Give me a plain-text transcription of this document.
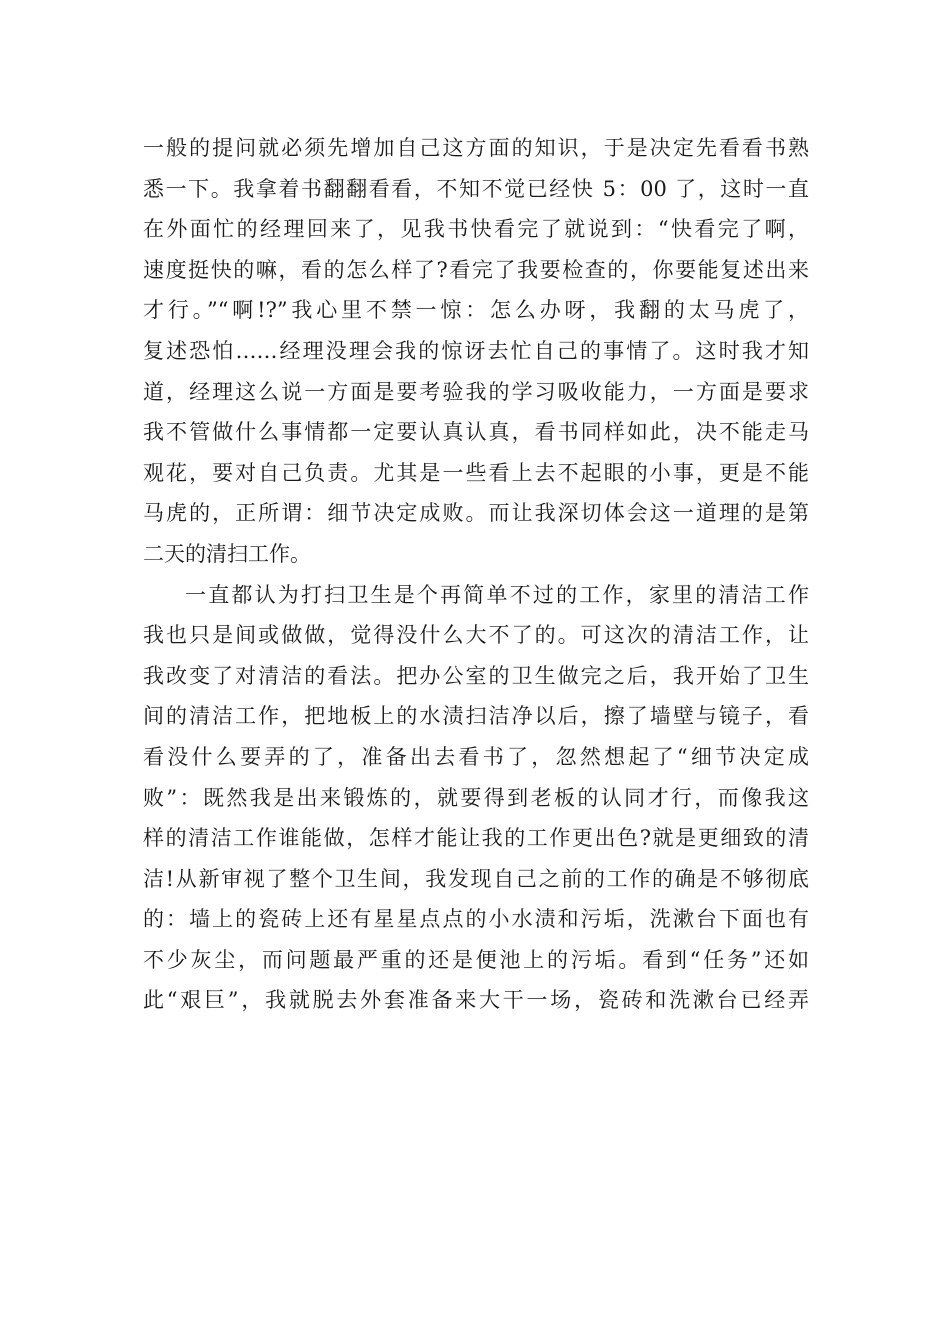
一般的提问就必须先增加自己这方面的知识，于是决定先看看书熟
悉一下。我拿着书翻翻看看，不知不觉已经快 5：00 了，这时一直
在外面忙的经理回来了，见我书快看完了就说到：“快看完了啊，
速度挺快的嘛，看的怎么样了?看完了我要检查的，你要能复述出来
才行。”“啊!?”我心里不禁一惊：怎么办呀，我翻的太马虎了，
复述恐怕……经理没理会我的惊讶去忙自己的事情了。这时我才知
道，经理这么说一方面是要考验我的学习吸收能力，一方面是要求
我不管做什么事情都一定要认真认真，看书同样如此，决不能走马
观花，要对自己负责。尤其是一些看上去不起眼的小事，更是不能
马虎的，正所谓：细节决定成败。而让我深切体会这一道理的是第
二天的清扫工作。
一直都认为打扫卫生是个再简单不过的工作，家里的清洁工作
我也只是间或做做，觉得没什么大不了的。可这次的清洁工作，让
我改变了对清洁的看法。把办公室的卫生做完之后，我开始了卫生
间的清洁工作，把地板上的水渍扫洁净以后，擦了墙壁与镜子，看
看没什么要弄的了，准备出去看书了，忽然想起了“细节决定成
败”：既然我是出来锻炼的，就要得到老板的认同才行，而像我这
样的清洁工作谁能做，怎样才能让我的工作更出色?就是更细致的清
洁!从新审视了整个卫生间，我发现自己之前的工作的确是不够彻底
的：墙上的瓷砖上还有星星点点的小水渍和污垢，洗漱台下面也有
不少灰尘，而问题最严重的还是便池上的污垢。看到“任务”还如
此“艰巨”，我就脱去外套准备来大干一场，瓷砖和洗漱台已经弄
